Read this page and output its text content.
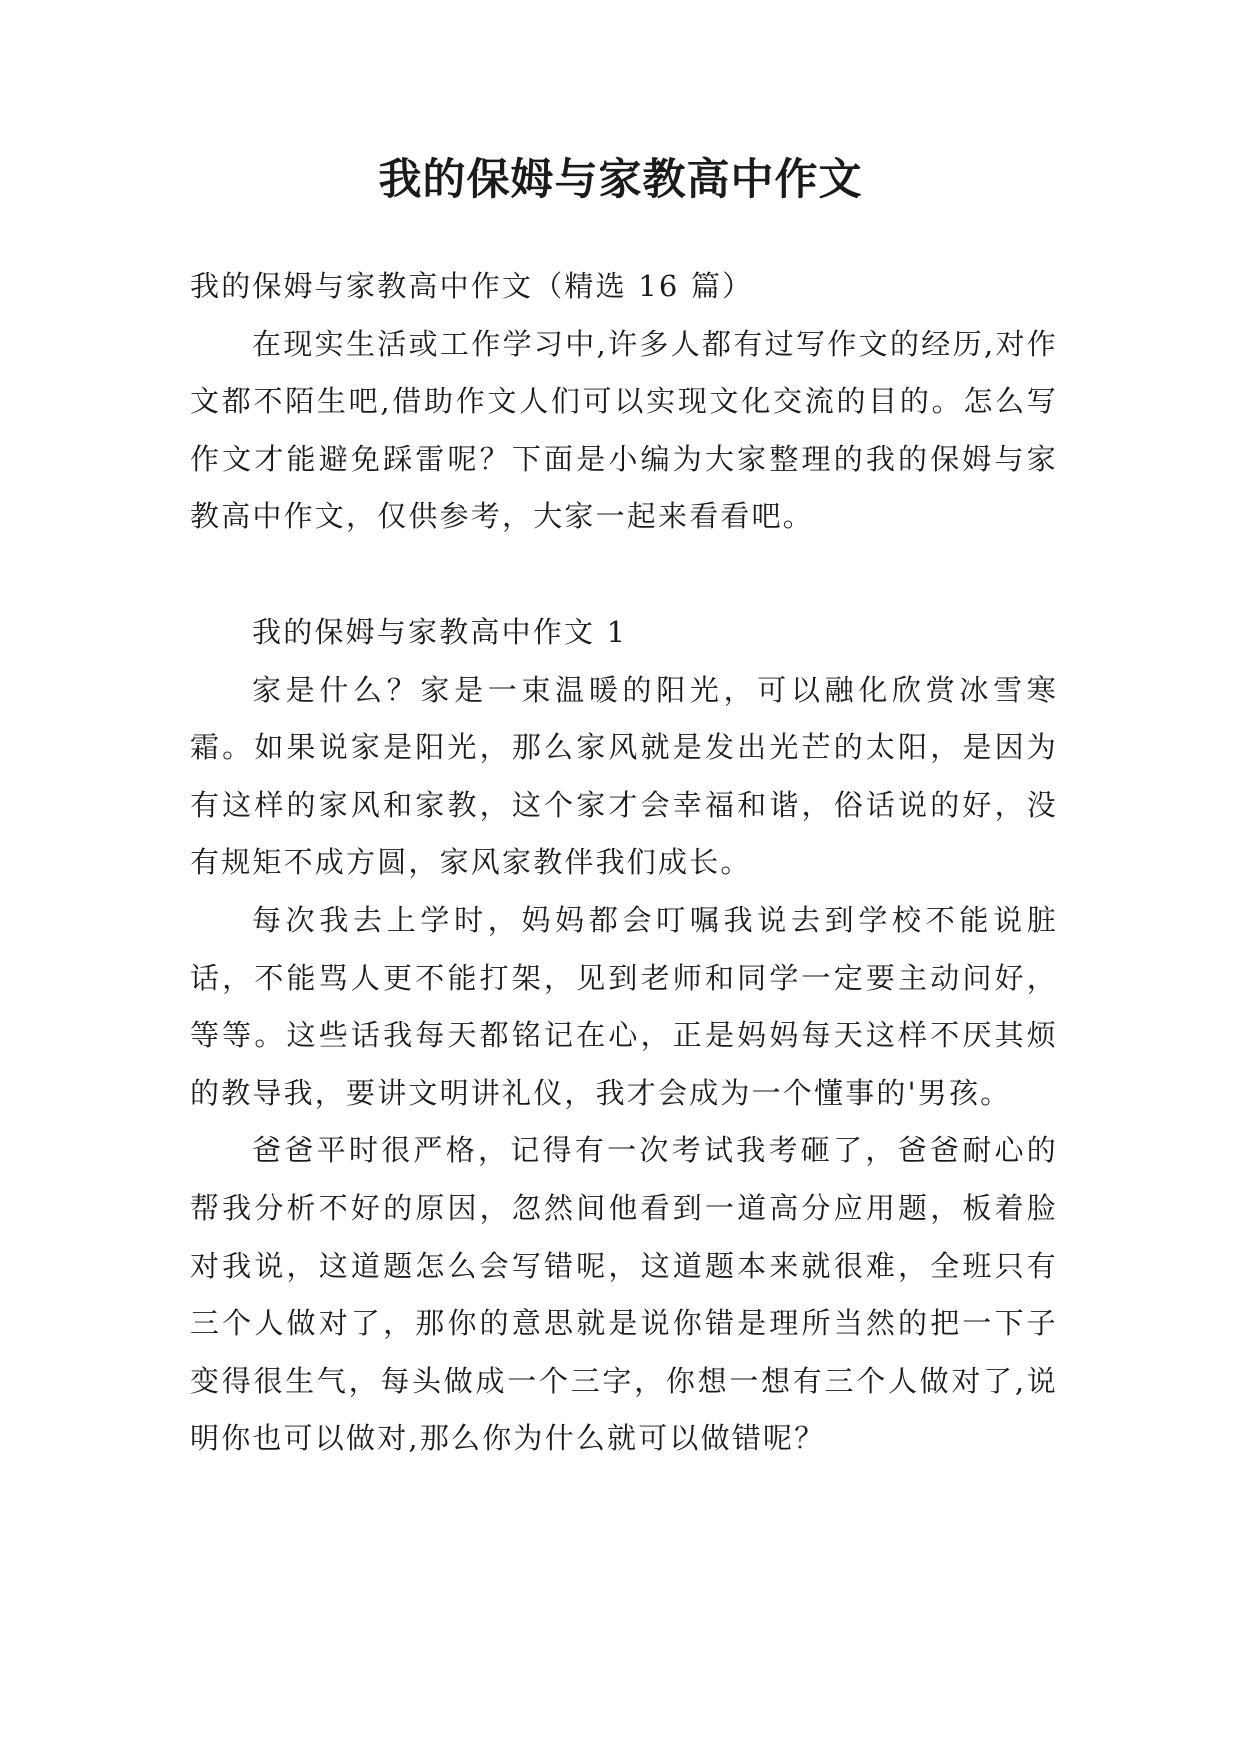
我的保姆与家教高中作文

我的保姆与家教高中作文（精选 16 篇）

在现实生活或工作学习中,许多人都有过写作文的经历,对作文都不陌生吧,借助作文人们可以实现文化交流的目的。怎么写作文才能避免踩雷呢？下面是小编为大家整理的我的保姆与家教高中作文，仅供参考，大家一起来看看吧。

我的保姆与家教高中作文 1

家是什么？家是一束温暖的阳光，可以融化欣赏冰雪寒霜。如果说家是阳光，那么家风就是发出光芒的太阳，是因为有这样的家风和家教，这个家才会幸福和谐，俗话说的好，没有规矩不成方圆，家风家教伴我们成长。

每次我去上学时，妈妈都会叮嘱我说去到学校不能说脏话，不能骂人更不能打架，见到老师和同学一定要主动问好，等等。这些话我每天都铭记在心，正是妈妈每天这样不厌其烦的教导我，要讲文明讲礼仪，我才会成为一个懂事的'男孩。

爸爸平时很严格，记得有一次考试我考砸了，爸爸耐心的帮我分析不好的原因，忽然间他看到一道高分应用题，板着脸对我说，这道题怎么会写错呢，这道题本来就很难，全班只有三个人做对了，那你的意思就是说你错是理所当然的把一下子变得很生气，每头做成一个三字，你想一想有三个人做对了,说明你也可以做对,那么你为什么就可以做错呢？
